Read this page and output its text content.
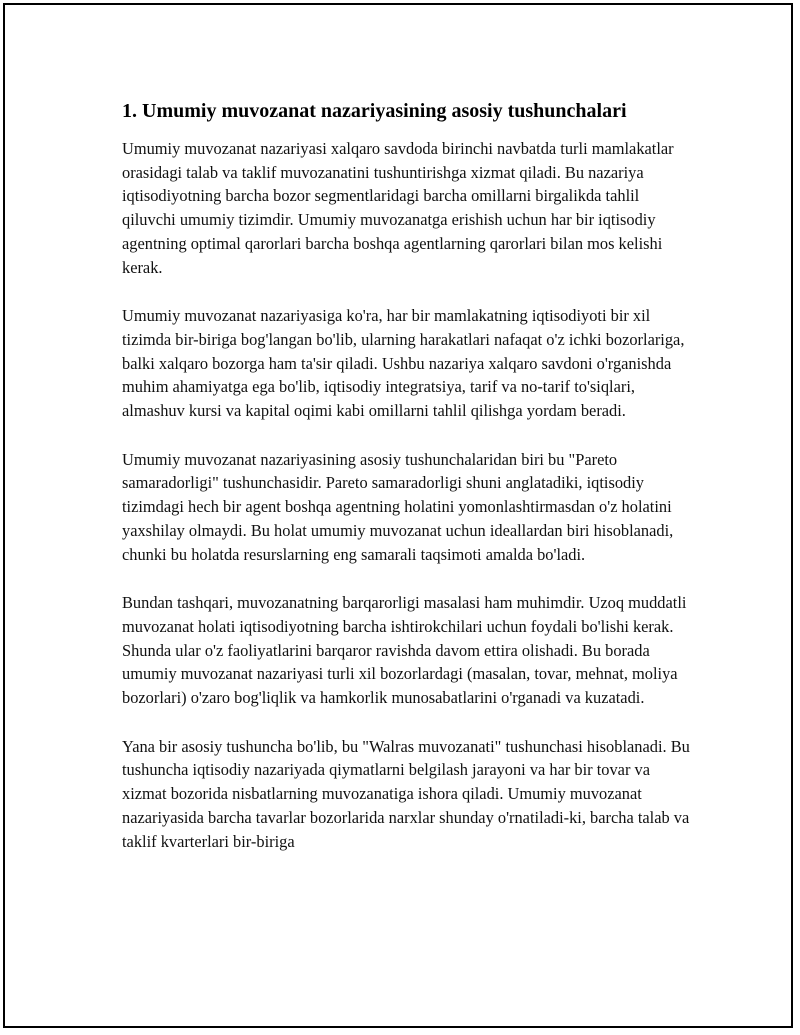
1. Umumiy muvozanat nazariyasining asosiy tushunchalari

Umumiy muvozanat nazariyasi xalqaro savdoda birinchi navbatda turli mamlakatlar orasidagi talab va taklif muvozanatini tushuntirishga xizmat qiladi. Bu nazariya iqtisodiyotning barcha bozor segmentlaridagi barcha omillarni birgalikda tahlil qiluvchi umumiy tizimdir. Umumiy muvozanatga erishish uchun har bir iqtisodiy agentning optimal qarorlari barcha boshqa agentlarning qarorlari bilan mos kelishi kerak.

Umumiy muvozanat nazariyasiga ko'ra, har bir mamlakatning iqtisodiyoti bir xil tizimda bir-biriga bog'langan bo'lib, ularning harakatlari nafaqat o'z ichki bozorlariga, balki xalqaro bozorga ham ta'sir qiladi. Ushbu nazariya xalqaro savdoni o'rganishda muhim ahamiyatga ega bo'lib, iqtisodiy integratsiya, tarif va no-tarif to'siqlari, almashuv kursi va kapital oqimi kabi omillarni tahlil qilishga yordam beradi.

Umumiy muvozanat nazariyasining asosiy tushunchalaridan biri bu "Pareto samaradorligi" tushunchasidir. Pareto samaradorligi shuni anglatadiki, iqtisodiy tizimdagi hech bir agent boshqa agentning holatini yomonlashtirmasdan o'z holatini yaxshilay olmaydi. Bu holat umumiy muvozanat uchun ideallardan biri hisoblanadi, chunki bu holatda resurslarning eng samarali taqsimoti amalda bo'ladi.

Bundan tashqari, muvozanatning barqarorligi masalasi ham muhimdir. Uzoq muddatli muvozanat holati iqtisodiyotning barcha ishtirokchilari uchun foydali bo'lishi kerak. Shunda ular o'z faoliyatlarini barqaror ravishda davom ettira olishadi. Bu borada umumiy muvozanat nazariyasi turli xil bozorlardagi (masalan, tovar, mehnat, moliya bozorlari) o'zaro bog'liqlik va hamkorlik munosabatlarini o'rganadi va kuzatadi.

Yana bir asosiy tushuncha bo'lib, bu "Walras muvozanati" tushunchasi hisoblanadi. Bu tushuncha iqtisodiy nazariyada qiymatlarni belgilash jarayoni va har bir tovar va xizmat bozorida nisbatlarning muvozanatiga ishora qiladi. Umumiy muvozanat nazariyasida barcha tavarlar bozorlarida narxlar shunday o'rnatiladi-ki, barcha talab va taklif kvarterlari bir-biriga
